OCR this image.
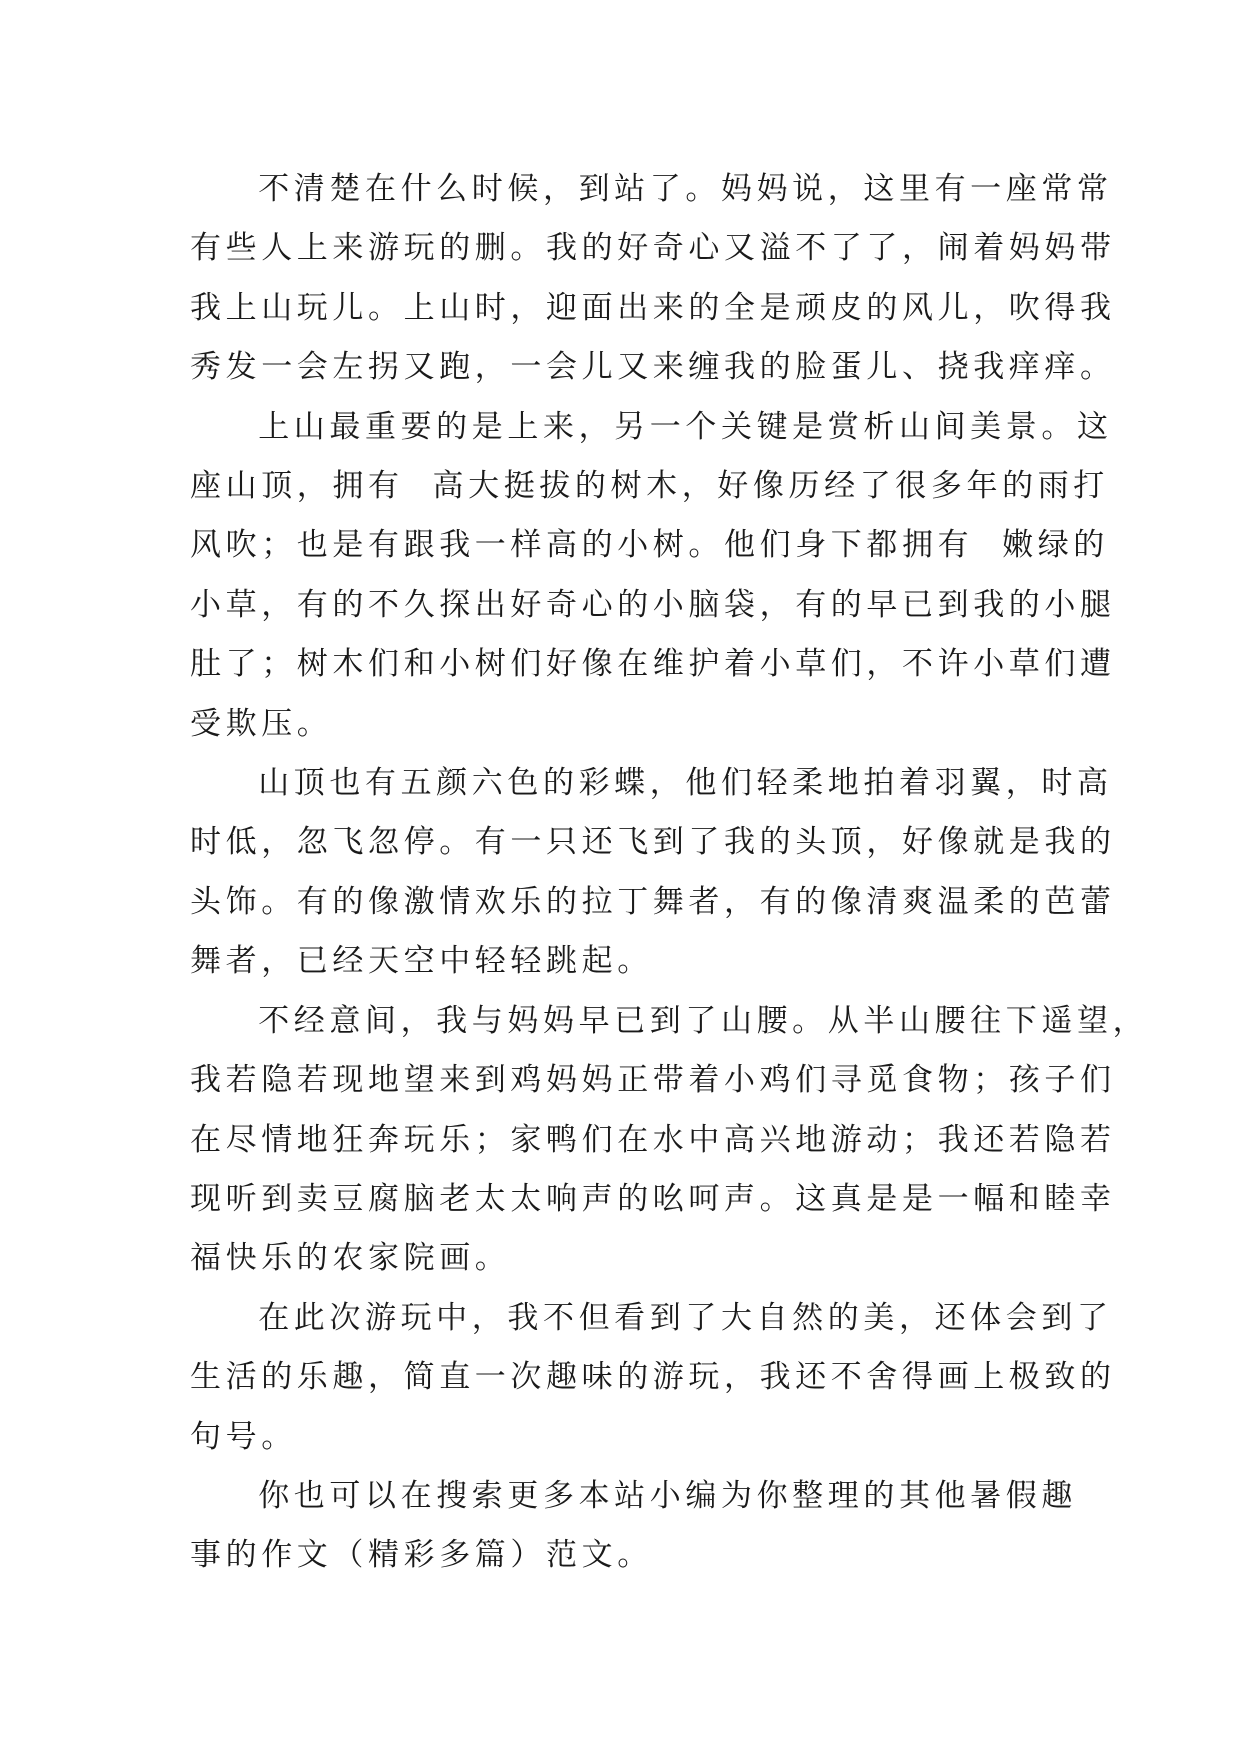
不清楚在什么时候，到站了。妈妈说，这里有一座常常
有些人上来游玩的删。我的好奇心又溢不了了，闹着妈妈带
我上山玩儿。上山时，迎面出来的全是顽皮的风儿，吹得我
秀发一会左拐又跑，一会儿又来缠我的脸蛋儿、挠我痒痒。

上山最重要的是上来，另一个关键是赏析山间美景。这
座山顶，拥有  高大挺拔的树木，好像历经了很多年的雨打
风吹；也是有跟我一样高的小树。他们身下都拥有  嫩绿的
小草，有的不久探出好奇心的小脑袋，有的早已到我的小腿
肚了；树木们和小树们好像在维护着小草们，不许小草们遭
受欺压。

山顶也有五颜六色的彩蝶，他们轻柔地拍着羽翼，时高
时低，忽飞忽停。有一只还飞到了我的头顶，好像就是我的
头饰。有的像激情欢乐的拉丁舞者，有的像清爽温柔的芭蕾
舞者，已经天空中轻轻跳起。

不经意间，我与妈妈早已到了山腰。从半山腰往下遥望，
我若隐若现地望来到鸡妈妈正带着小鸡们寻觅食物；孩子们
在尽情地狂奔玩乐；家鸭们在水中高兴地游动；我还若隐若
现听到卖豆腐脑老太太响声的吆呵声。这真是是一幅和睦幸
福快乐的农家院画。

在此次游玩中，我不但看到了大自然的美，还体会到了
生活的乐趣，简直一次趣味的游玩，我还不舍得画上极致的
句号。

你也可以在搜索更多本站小编为你整理的其他暑假趣
事的作文（精彩多篇）范文。
